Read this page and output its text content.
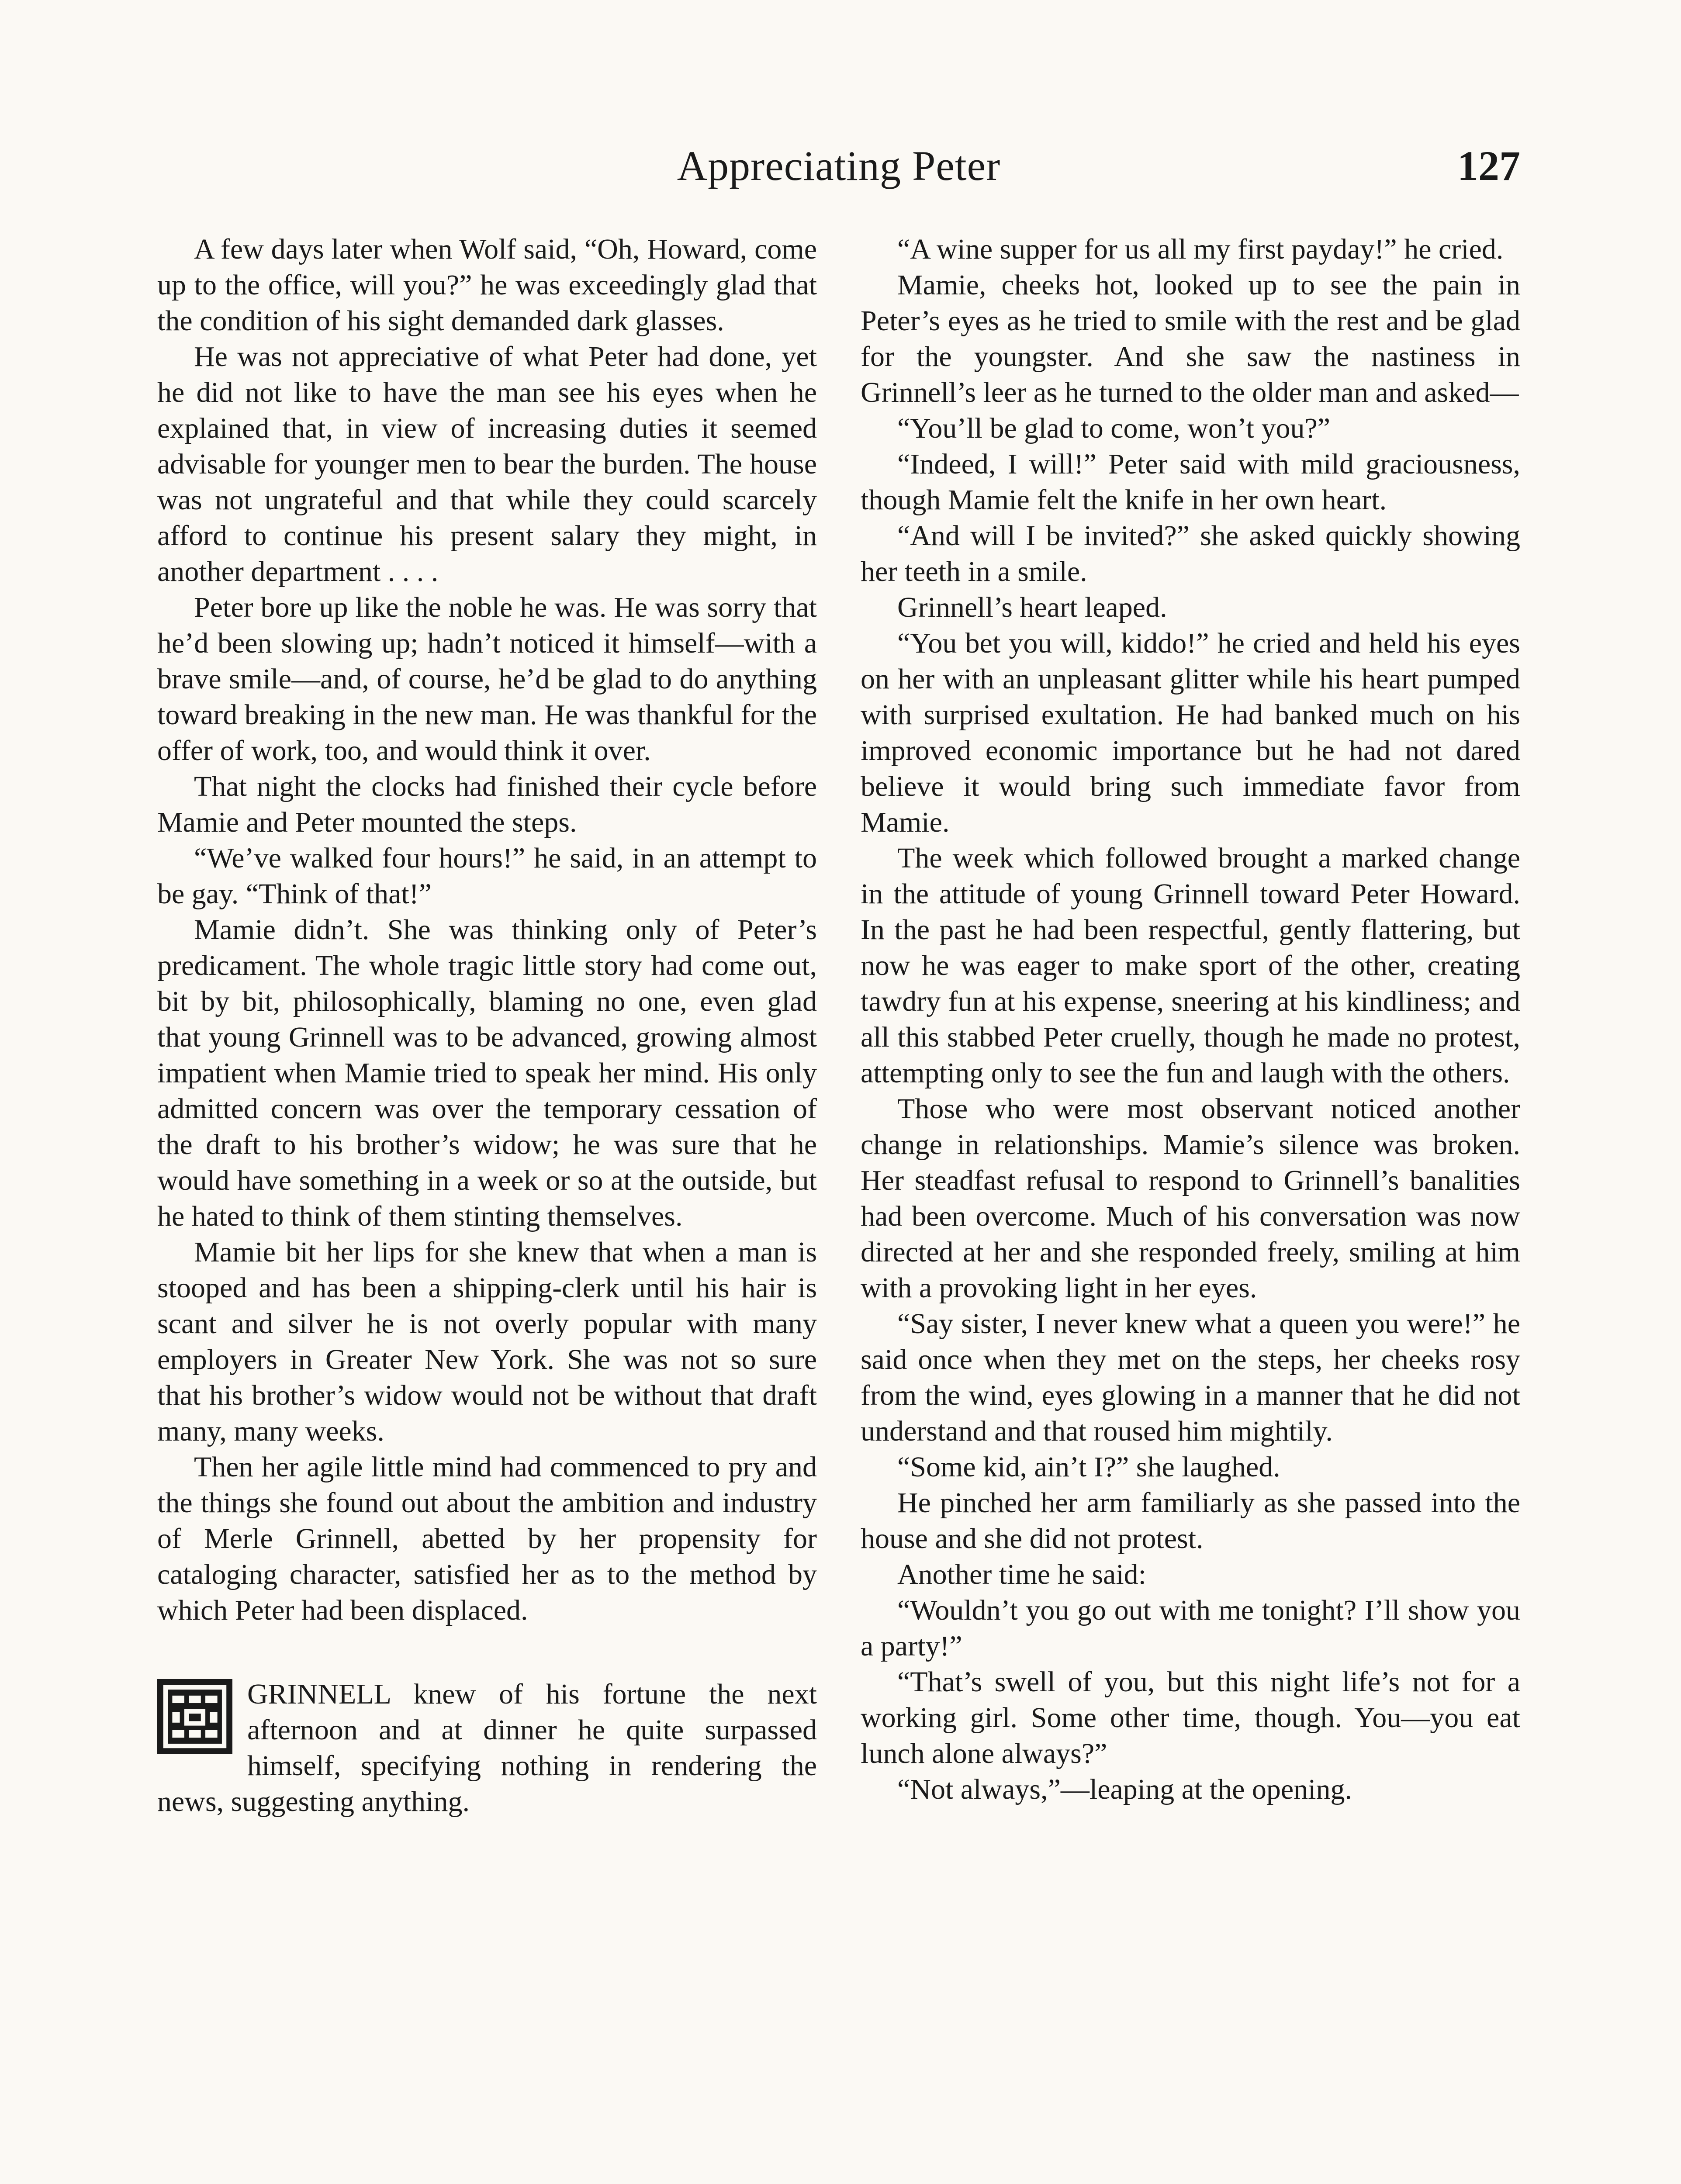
Appreciating Peter	127

A few days later when Wolf said, “Oh, Howard, come up to the office, will you?” he was exceedingly glad that the condition of his sight demanded dark glasses.

He was not appreciative of what Peter had done, yet he did not like to have the man see his eyes when he explained that, in view of increasing duties it seemed advisable for younger men to bear the burden. The house was not ungrateful and that while they could scarcely afford to continue his present salary they might, in another department . . . .

Peter bore up like the noble he was. He was sorry that he’d been slowing up; hadn’t noticed it himself—with a brave smile—and, of course, he’d be glad to do anything toward breaking in the new man. He was thankful for the offer of work, too, and would think it over.

That night the clocks had finished their cycle before Mamie and Peter mounted the steps.

“We’ve walked four hours!” he said, in an attempt to be gay. “Think of that!”

Mamie didn’t. She was thinking only of Peter’s predicament. The whole tragic little story had come out, bit by bit, philosophically, blaming no one, even glad that young Grinnell was to be advanced, growing almost impatient when Mamie tried to speak her mind. His only admitted concern was over the temporary cessation of the draft to his brother’s widow; he was sure that he would have something in a week or so at the outside, but he hated to think of them stinting themselves.

Mamie bit her lips for she knew that when a man is stooped and has been a shipping-clerk until his hair is scant and silver he is not overly popular with many employers in Greater New York. She was not so sure that his brother’s widow would not be without that draft many, many weeks.

Then her agile little mind had commenced to pry and the things she found out about the ambition and industry of Merle Grinnell, abetted by her propensity for cataloging character, satisfied her as to the method by which Peter had been displaced.

GRINNELL knew of his fortune the next afternoon and at dinner he quite surpassed himself, specifying nothing in rendering the news, suggesting anything.

“A wine supper for us all my first payday!” he cried.

Mamie, cheeks hot, looked up to see the pain in Peter’s eyes as he tried to smile with the rest and be glad for the youngster. And she saw the nastiness in Grinnell’s leer as he turned to the older man and asked—

“You’ll be glad to come, won’t you?”

“Indeed, I will!” Peter said with mild graciousness, though Mamie felt the knife in her own heart.

“And will I be invited?” she asked quickly showing her teeth in a smile.

Grinnell’s heart leaped.

“You bet you will, kiddo!” he cried and held his eyes on her with an unpleasant glitter while his heart pumped with surprised exultation. He had banked much on his improved economic importance but he had not dared believe it would bring such immediate favor from Mamie.

The week which followed brought a marked change in the attitude of young Grinnell toward Peter Howard. In the past he had been respectful, gently flattering, but now he was eager to make sport of the other, creating tawdry fun at his expense, sneering at his kindliness; and all this stabbed Peter cruelly, though he made no protest, attempting only to see the fun and laugh with the others.

Those who were most observant noticed another change in relationships. Mamie’s silence was broken. Her steadfast refusal to respond to Grinnell’s banalities had been overcome. Much of his conversation was now directed at her and she responded freely, smiling at him with a provoking light in her eyes.

“Say sister, I never knew what a queen you were!” he said once when they met on the steps, her cheeks rosy from the wind, eyes glowing in a manner that he did not understand and that roused him mightily.

“Some kid, ain’t I?” she laughed.

He pinched her arm familiarly as she passed into the house and she did not protest.

Another time he said:

“Wouldn’t you go out with me tonight? I’ll show you a party!”

“That’s swell of you, but this night life’s not for a working girl. Some other time, though. You—you eat lunch alone always?”

“Not always,”—leaping at the opening.
